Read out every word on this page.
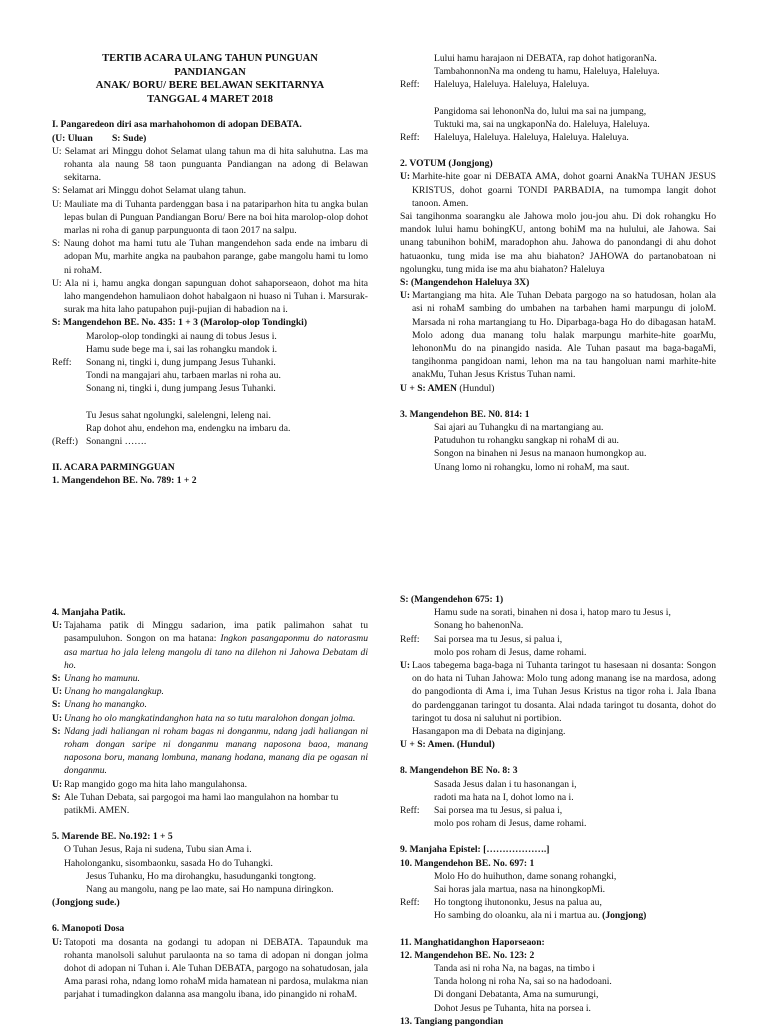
TERTIB ACARA ULANG TAHUN PUNGUAN
PANDIANGAN
ANAK/ BORU/ BERE BELAWAN SEKITARNYA
TANGGAL 4 MARET 2018
I. Pangaredeon diri asa marhahohomon di adopan DEBATA.
(U: Uluan        S: Sude)
U: Selamat ari Minggu dohot Selamat ulang tahun ma di hita saluhutna. Las ma rohanta ala naung 58 taon punguanta Pandiangan na adong di Belawan sekitarna.
S: Selamat ari Minggu dohot Selamat ulang tahun.
U: Mauliate ma di Tuhanta pardenggan basa i na patariparhon hita tu angka bulan lepas bulan di Punguan Pandiangan Boru/ Bere na boi hita marolop-olop dohot marlas ni roha di ganup parpunguonta di taon 2017 na salpu.
S: Naung dohot ma hami tutu ale Tuhan mangendehon sada ende na imbaru di adopan Mu, marhite angka na paubahon parange, gabe mangolu hami tu lomo ni rohaM.
U: Ala ni i, hamu angka dongan sapunguan dohot sahaporseaon, dohot ma hita laho mangendehon hamuliaon dohot habalgaon ni huaso ni Tuhan i. Marsurak-surak ma hita laho patupahon puji-pujian di habadion na i.
S: Mangendehon BE. No. 435: 1 + 3 (Marolop-olop Tondingki)
Marolop-olop tondingki ai naung di tobus Jesus i.
Hamu sude bege ma i, sai las rohangku mandok i.
Reff:	Sonang ni, tingki i, dung jumpang Jesus Tuhanki.
Tondi na mangajari ahu, tarbaen marlas ni roha au.
Sonang ni, tingki i, dung jumpang Jesus Tuhanki.
Tu Jesus sahat ngolungki, salelengni, leleng nai.
Rap dohot ahu, endehon ma, endengku na imbaru da.
(Reff:) Sonangni …….
II. ACARA PARMINGGUAN
1. Mangendehon BE. No. 789: 1 + 2
Lului hamu harajaon ni DEBATA, rap dohot hatigoranNa.
TambahonnonNa ma ondeng tu hamu, Haleluya, Haleluya.
Reff:	Haleluya, Haleluya. Haleluya, Haleluya.
Pangidoma sai lehononNa do, lului ma sai na jumpang,
Tuktuki ma, sai na ungkaponNa do. Haleluya, Haleluya.
Reff:	Haleluya, Haleluya. Haleluya, Haleluya. Haleluya.
2. VOTUM (Jongjong)
U: Marhite-hite goar ni DEBATA AMA, dohot goarni AnakNa TUHAN JESUS KRISTUS, dohot goarni TONDI PARBADIA, na tumompa langit dohot tanoon. Amen.
Sai tangihonma soarangku ale Jahowa molo jou-jou ahu. Di dok rohangku Ho mandok lului hamu bohingKU, antong bohiM ma na hulului, ale Jahowa. Sai unang tabunihon bohiM, maradophon ahu. Jahowa do panondangi di ahu dohot hatuaonku, tung mida ise ma ahu biahaton? JAHOWA do partanobatoan ni ngolungku, tung mida ise ma ahu biahaton? Haleluya
S: (Mangendehon Haleluya 3X)
U: Martangiang ma hita. Ale Tuhan Debata pargogo na so hatudosan, holan ala asi ni rohaM sambing do umbahen na tarbahen hami marpungu di joloM. Marsada ni roha martangiang tu Ho. Diparbaga-baga Ho do dibagasan hataM. Molo adong dua manang tolu halak marpungu marhite-hite goarMu, lehononMu do na pinangido nasida. Ale Tuhan pasaut ma baga-bagaMi, tangihonma pangidoan nami, lehon ma na tau hangoluan nami marhite-hite anakMu, Tuhan Jesus Kristus Tuhan nami.
U + S: AMEN (Hundul)
3. Mangendehon BE. N0. 814: 1
Sai ajari au Tuhangku di na martangiang au.
Patuduhon tu rohangku sangkap ni rohaM di au.
Songon na binahen ni Jesus na manaon humongkop au.
Unang lomo ni rohangku, lomo ni rohaM, ma saut.
4. Manjaha Patik.
U: Tajahama patik di Minggu sadarion, ima patik palimahon sahat tu pasampuluhon. Songon on ma hatana: Ingkon pasangaponmu do natorasmu asa martua ho jala leleng mangolu di tano na dilehon ni Jahowa Debatam di ho.
S: Unang ho mamunu.
U: Unang ho mangalangkup.
S: Unang ho manangko.
U: Unang ho olo mangkatindanghon hata na so tutu maralohon dongan jolma.
S: Ndang jadi haliangan ni roham bagas ni donganmu, ndang jadi haliangan ni roham dongan saripe ni donganmu manang naposona baoa, manang naposona boru, manang lombuna, manang hodana, manang dia pe ogasan ni donganmu.
U: Rap mangido gogo ma hita laho mangulahonsa.
S: Ale Tuhan Debata, sai pargogoi ma hami lao mangulahon na hombar tu patikMi. AMEN.
5. Marende BE. No.192: 1 + 5
O Tuhan Jesus, Raja ni sudena, Tubu sian Ama i.
Haholonganku, sisombaonku, sasada Ho do Tuhangki.
Jesus Tuhanku, Ho ma dirohangku, hasudunganki tongtong.
Nang au mangolu, nang pe lao mate, sai Ho nampuna diringkon.
(Jongjong sude.)
6. Manopoti Dosa
U: Tatopoti ma dosanta na godangi tu adopan ni DEBATA. Tapaunduk ma rohanta manolsoli saluhut parulaonta na so tama di adopan ni dongan jolma dohot di adopan ni Tuhan i. Ale Tuhan DEBATA, pargogo na sohatudosan, jala Ama parasi roha, ndang lomo rohaM mida hamatean ni pardosa, mulakma nian parjahat i tumadingkon dalanna asa mangolu ibana, ido pinangido ni rohaM.
S: (Mangendehon 675: 1)
Hamu sude na sorati, binahen ni dosa i, hatop maro tu Jesus i,
Sonang ho bahenonNa.
Reff:	Sai porsea ma tu Jesus, si palua i,
molo pos roham di Jesus, dame rohami.
U: Laos tabegema baga-baga ni Tuhanta taringot tu hasesaan ni dosanta: Songon on do hata ni Tuhan Jahowa: Molo tung adong manang ise na mardosa, adong do pangodionta di Ama i, ima Tuhan Jesus Kristus na tigor roha i. Jala Ibana do pardengganan taringot tu dosanta. Alai ndada taringot tu dosanta, dohot do taringot tu dosa ni saluhut ni portibion.
Hasangapon ma di Debata na diginjang.
U + S: Amen. (Hundul)
8. Mangendehon BE No. 8: 3
Sasada Jesus dalan i tu hasonangan i,
radoti ma hata na I, dohot lomo na i.
Reff:	Sai porsea ma tu Jesus, si palua i,
molo pos roham di Jesus, dame rohami.
9. Manjaha Epistel: [……………….]
10. Mangendehon BE. No. 697: 1
Molo Ho do huihuthon, dame sonang rohangki,
Sai horas jala martua, nasa na hinongkopMi.
Reff:	Ho tongtong ihutononku, Jesus na palua au,
Ho sambing do oloanku, ala ni i martua au. (Jongjong)
11. Manghatidanghon Haporseaon:
12. Mangendehon BE. No. 123: 2
Tanda asi ni roha Na, na bagas, na timbo i
Tanda holong ni roha Na, sai so na hadodoani.
Di dongani Debatanta, Ama na sumurungi,
Dohot Jesus pe Tuhanta, hita na porsea i.
13. Tangiang pangondian
